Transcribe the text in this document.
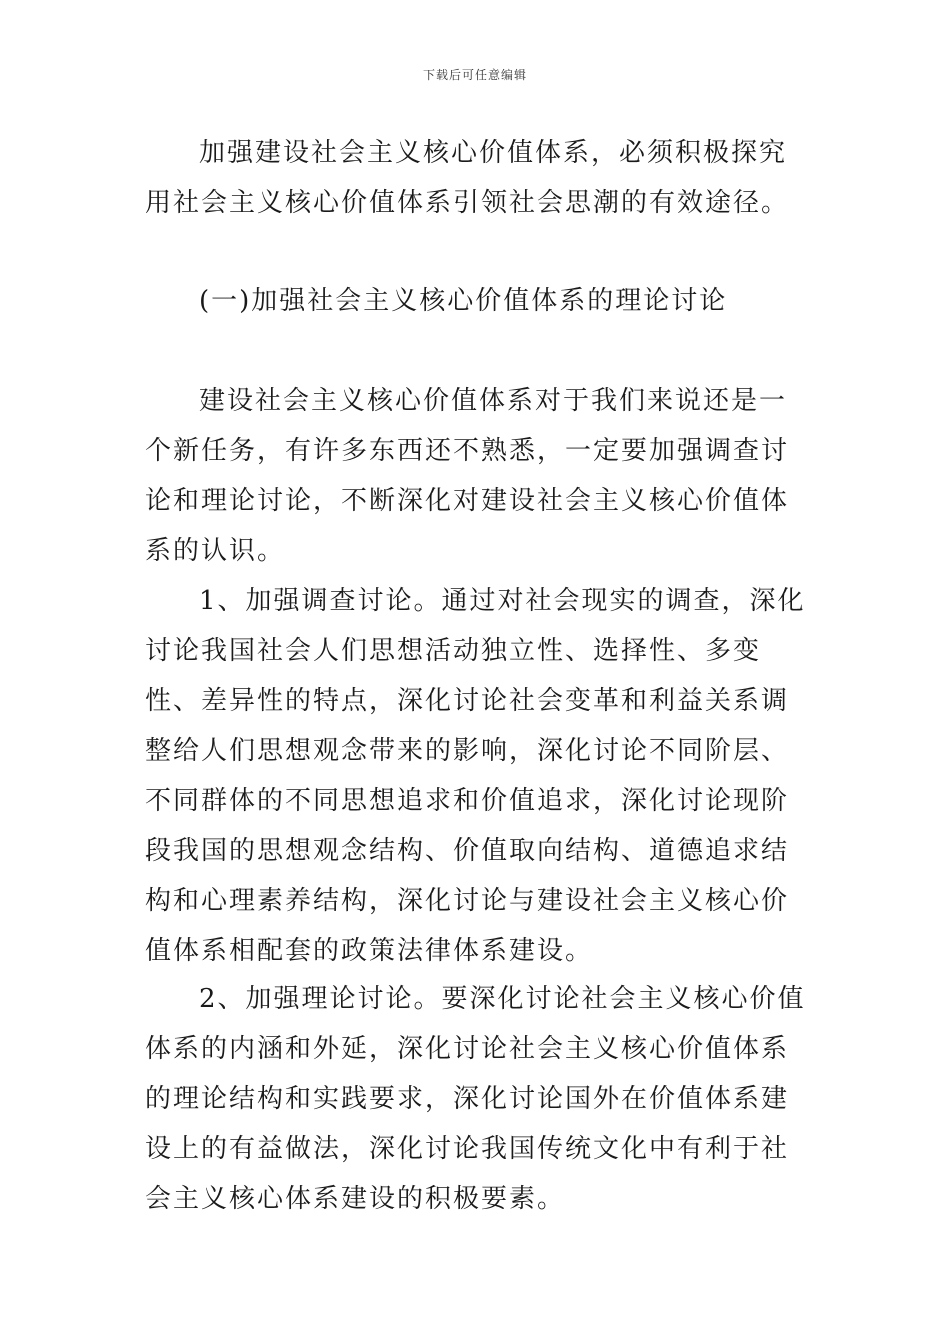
下载后可任意编辑

加强建设社会主义核心价值体系，必须积极探究用社会主义核心价值体系引领社会思潮的有效途径。

(一)加强社会主义核心价值体系的理论讨论

建设社会主义核心价值体系对于我们来说还是一个新任务，有许多东西还不熟悉，一定要加强调查讨论和理论讨论，不断深化对建设社会主义核心价值体系的认识。

1、加强调查讨论。通过对社会现实的调查，深化讨论我国社会人们思想活动独立性、选择性、多变性、差异性的特点，深化讨论社会变革和利益关系调整给人们思想观念带来的影响，深化讨论不同阶层、不同群体的不同思想追求和价值追求，深化讨论现阶段我国的思想观念结构、价值取向结构、道德追求结构和心理素养结构，深化讨论与建设社会主义核心价值体系相配套的政策法律体系建设。

2、加强理论讨论。要深化讨论社会主义核心价值体系的内涵和外延，深化讨论社会主义核心价值体系的理论结构和实践要求，深化讨论国外在价值体系建设上的有益做法，深化讨论我国传统文化中有利于社会主义核心体系建设的积极要素。
